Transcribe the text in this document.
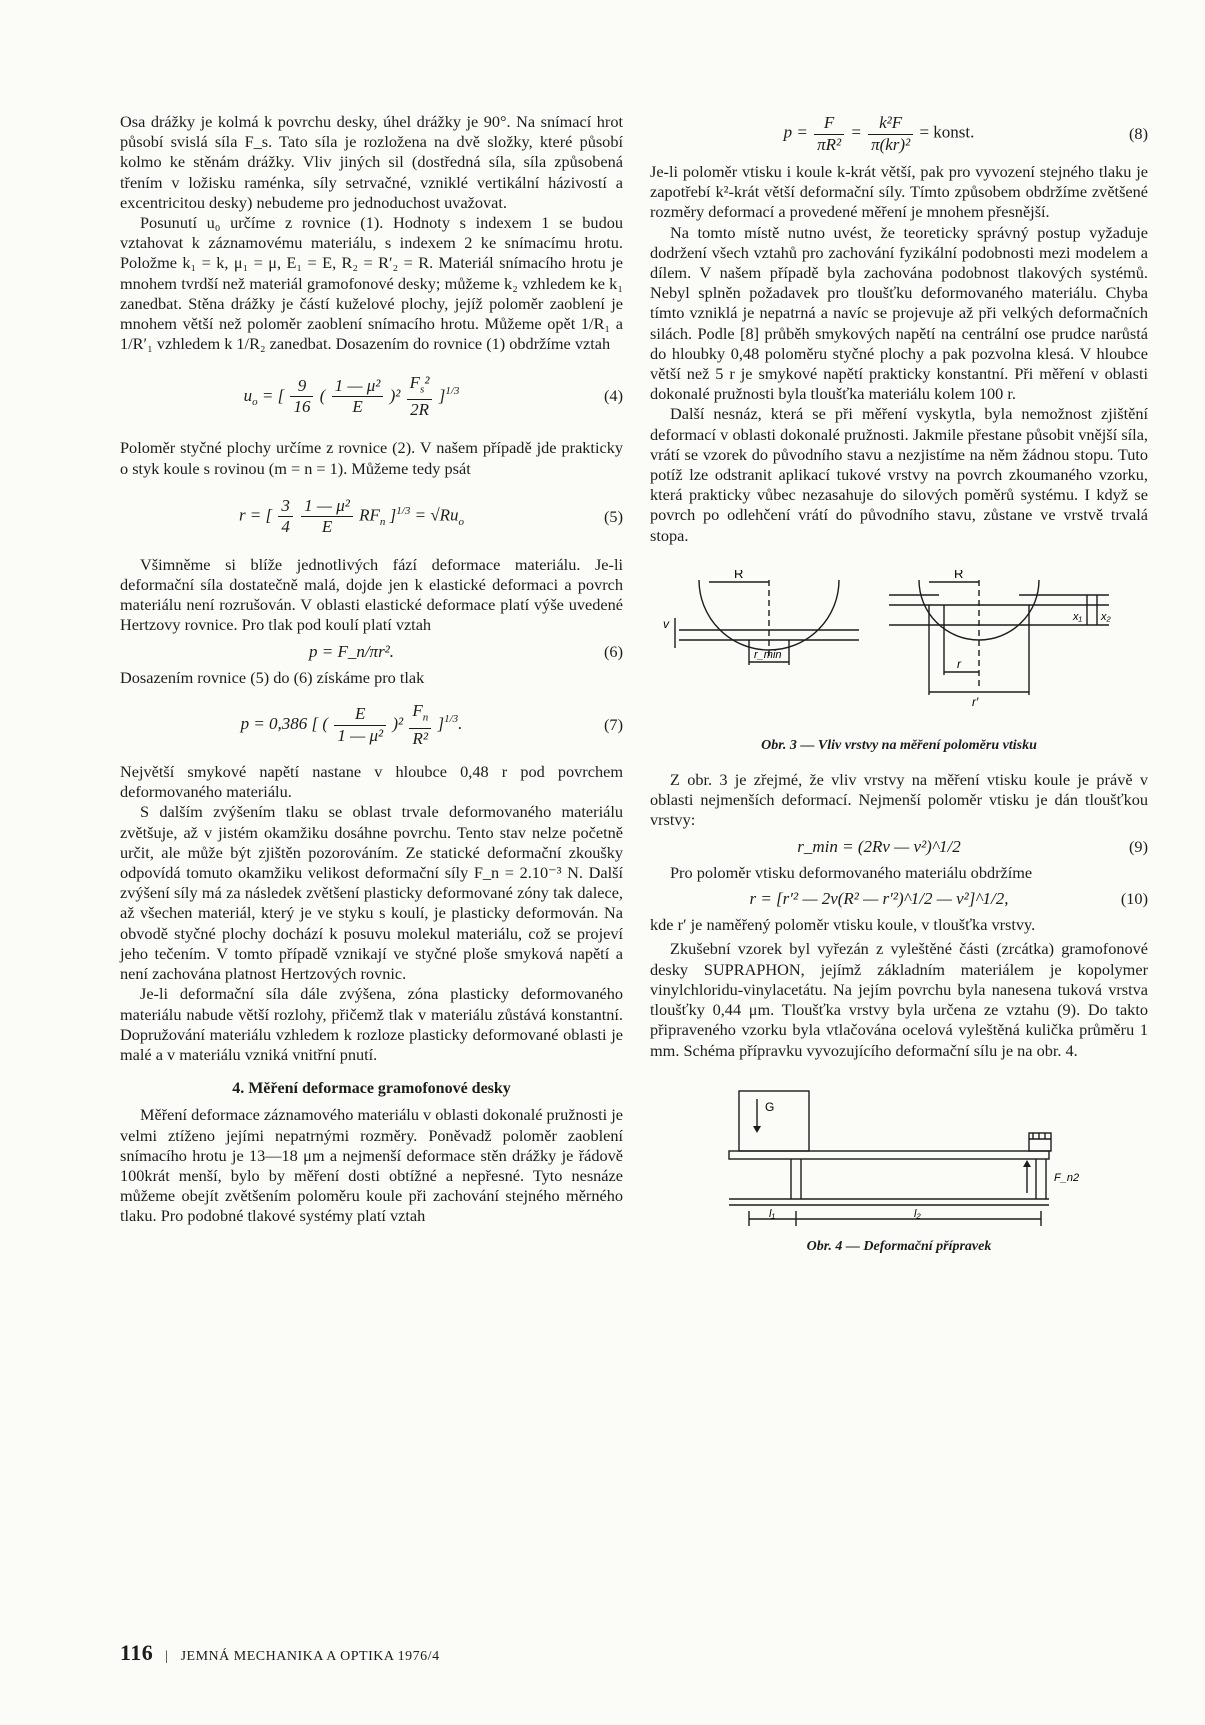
Osa drážky je kolmá k povrchu desky, úhel drážky je 90°. Na snímací hrot působí svislá síla F_s. Tato síla je rozložena na dvě složky, které působí kolmo ke stěnám drážky. Vliv jiných sil (dostředná síla, síla způsobená třením v ložisku raménka, síly setrvačné, vzniklé vertikální házivostí a excentricitou desky) nebudeme pro jednoduchost uvažovat.

Posunutí u₀ určíme z rovnice (1). Hodnoty s indexem 1 se budou vztahovat k záznamovému materiálu, s indexem 2 ke snímacímu hrotu. Položme k₁ = k, μ₁ = μ, E₁ = E, R₂ = R′₂ = R. Materiál snímacího hrotu je mnohem tvrdší než materiál gramofonové desky; můžeme k₂ vzhledem ke k₁ zanedbat. Stěna drážky je částí kuželové plochy, jejíž poloměr zaoblení je mnohem větší než poloměr zaoblení snímacího hrotu. Můžeme opět 1/R₁ a 1/R′₁ vzhledem k 1/R₂ zanedbat. Dosazením do rovnice (1) obdržíme vztah

$u_o$ = [ $\frac{9}{16}$ ( $\frac{\text{1 — μ²}}{E} )^2 \frac{F_s^2}{2R} ]^{1/3}$	(4)

Poloměr styčné plochy určíme z rovnice (2). V našem případě jde prakticky o styk koule s rovinou (m = n = 1). Můžeme tedy psát

r = [ $\frac{3}{4}$
$\frac{\text{1 — μ²}}{E} RF_n$ ]$^{1/3} = √Ru_o$	(5)

Všimněme si blíže jednotlivých fází deformace materiálu. Je-li deformační síla dostatečně malá, dojde jen k elastické deformaci a povrch materiálu není rozrušován. V oblasti elastické deformace platí výše uvedené Hertzovy rovnice. Pro tlak pod koulí platí vztah

p = F_n/πr².	(6)

Dosazením rovnice (5) do (6) získáme pro tlak

p = 0,386 [ ( $\frac{E}{\text{1 — μ²}} )^2 \frac{F_n}{\text{R²}} ]^{1/3}$.	(7)

Největší smykové napětí nastane v hloubce 0,48 r pod povrchem deformovaného materiálu.

S dalším zvýšením tlaku se oblast trvale deformovaného materiálu zvětšuje, až v jistém okamžiku dosáhne povrchu. Tento stav nelze početně určit, ale může být zjištěn pozorováním. Ze statické deformační zkoušky odpovídá tomuto okamžiku velikost deformační síly F_n = 2.10⁻³ N. Další zvýšení síly má za následek zvětšení plasticky deformované zóny tak dalece, až všechen materiál, který je ve styku s koulí, je plasticky deformován. Na obvodě styčné plochy dochází k posuvu molekul materiálu, což se projeví jeho tečením. V tomto případě vznikají ve styčné ploše smyková napětí a není zachována platnost Hertzových rovnic.

Je-li deformační síla dále zvýšena, zóna plasticky deformovaného materiálu nabude větší rozlohy, přičemž tlak v materiálu zůstává konstantní. Dopružování materiálu vzhledem k rozloze plasticky deformované oblasti je malé a v materiálu vzniká vnitřní pnutí.

4. Měření deformace gramofonové desky

Měření deformace záznamového materiálu v oblasti dokonalé pružnosti je velmi ztíženo jejími nepatrnými rozměry. Poněvadž poloměr zaoblení snímacího hrotu je 13—18 μm a nejmenší deformace stěn drážky je řádově 100krát menší, bylo by měření dosti obtížné a nepřesné. Tyto nesnáze můžeme obejít zvětšením poloměru koule při zachování stejného měrného tlaku. Pro podobné tlakové systémy platí vztah

$p = \frac{F}{\text{πR²}} = \frac{\text{k²F}}{\text{π(kr)²}}$ = konst.	(8)

Je-li poloměr vtisku i koule k-krát větší, pak pro vyvození stejného tlaku je zapotřebí k²-krát větší deformační síly. Tímto způsobem obdržíme zvětšené rozměry deformací a provedené měření je mnohem přesnější.

Na tomto místě nutno uvést, že teoreticky správný postup vyžaduje dodržení všech vztahů pro zachování fyzikální podobnosti mezi modelem a dílem. V našem případě byla zachována podobnost tlakových systémů. Nebyl splněn požadavek pro tloušťku deformovaného materiálu. Chyba tímto vzniklá je nepatrná a navíc se projevuje až při velkých deformačních silách. Podle [8] průběh smykových napětí na centrální ose prudce narůstá do hloubky 0,48 poloměru styčné plochy a pak pozvolna klesá. V hloubce větší než 5 r je smykové napětí prakticky konstantní. Při měření v oblasti dokonalé pružnosti byla tloušťka materiálu kolem 100 r.

Další nesnáz, která se při měření vyskytla, byla nemožnost zjištění deformací v oblasti dokonalé pružnosti. Jakmile přestane působit vnější síla, vrátí se vzorek do původního stavu a nezjistíme na něm žádnou stopu. Tuto potíž lze odstranit aplikací tukové vrstvy na povrch zkoumaného vzorku, která prakticky vůbec nezasahuje do silových poměrů systému. I když se povrch po odlehčení vrátí do původního stavu, zůstane ve vrstvě trvalá stopa.

R
v
r_min
R
r
r′
x₁ x₂
Obr. 3 — Vliv vrstvy na měření poloměru vtisku

Z obr. 3 je zřejmé, že vliv vrstvy na měření vtisku koule je právě v oblasti nejmenších deformací. Nejmenší poloměr vtisku je dán tloušťkou vrstvy:

r_min = (2Rv — v²)^1/2	(9)

Pro poloměr vtisku deformovaného materiálu obdržíme

r = [r′² — 2v(R² — r′²)^1/2 — v²]^1/2,	(10)

kde r′ je naměřený poloměr vtisku koule, v tloušťka vrstvy.

Zkušební vzorek byl vyřezán z vyleštěné části (zrcátka) gramofonové desky SUPRAPHON, jejímž základním materiálem je kopolymer vinylchloridu-vinylacetátu. Na jejím povrchu byla nanesena tuková vrstva tloušťky 0,44 μm. Tloušťka vrstvy byla určena ze vztahu (9). Do takto připraveného vzorku byla vtlačována ocelová vyleštěná kulička průměru 1 mm. Schéma přípravku vyvozujícího deformační sílu je na obr. 4.

G
F_n2
l₁	l₂
Obr. 4 — Deformační přípravek
116 | JEMNÁ MECHANIKA A OPTIKA 1976/4
